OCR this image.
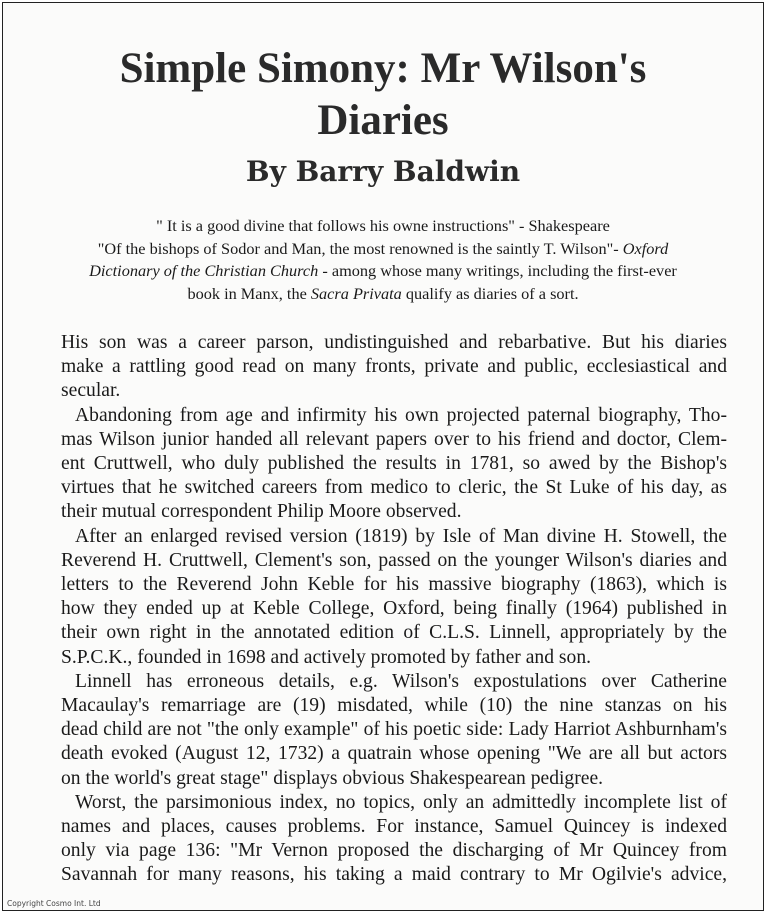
Simple Simony: Mr Wilson's
Diaries
By Barry Baldwin
" It is a good divine that follows his owne instructions" - Shakespeare
"Of the bishops of Sodor and Man, the most renowned is the saintly T. Wilson"- Oxford
Dictionary of the Christian Church - among whose many writings, including the first-ever
book in Manx, the Sacra Privata qualify as diaries of a sort.
His son was a career parson, undistinguished and rebarbative. But his diaries
make a rattling good read on many fronts, private and public, ecclesiastical and
secular.
Abandoning from age and infirmity his own projected paternal biography, Tho-
mas Wilson junior handed all relevant papers over to his friend and doctor, Clem-
ent Cruttwell, who duly published the results in 1781, so awed by the Bishop's
virtues that he switched careers from medico to cleric, the St Luke of his day, as
their mutual correspondent Philip Moore observed.
After an enlarged revised version (1819) by Isle of Man divine H. Stowell, the
Reverend H. Cruttwell, Clement's son, passed on the younger Wilson's diaries and
letters to the Reverend John Keble for his massive biography (1863), which is
how they ended up at Keble College, Oxford, being finally (1964) published in
their own right in the annotated edition of C.L.S. Linnell, appropriately by the
S.P.C.K., founded in 1698 and actively promoted by father and son.
Linnell has erroneous details, e.g. Wilson's expostulations over Catherine
Macaulay's remarriage are (19) misdated, while (10) the nine stanzas on his
dead child are not "the only example" of his poetic side: Lady Harriot Ashburnham's
death evoked (August 12, 1732) a quatrain whose opening "We are all but actors
on the world's great stage" displays obvious Shakespearean pedigree.
Worst, the parsimonious index, no topics, only an admittedly incomplete list of
names and places, causes problems. For instance, Samuel Quincey is indexed
only via page 136: "Mr Vernon proposed the discharging of Mr Quincey from
Savannah for many reasons, his taking a maid contrary to Mr Ogilvie's advice,
Copyright Cosmo Int. Ltd
